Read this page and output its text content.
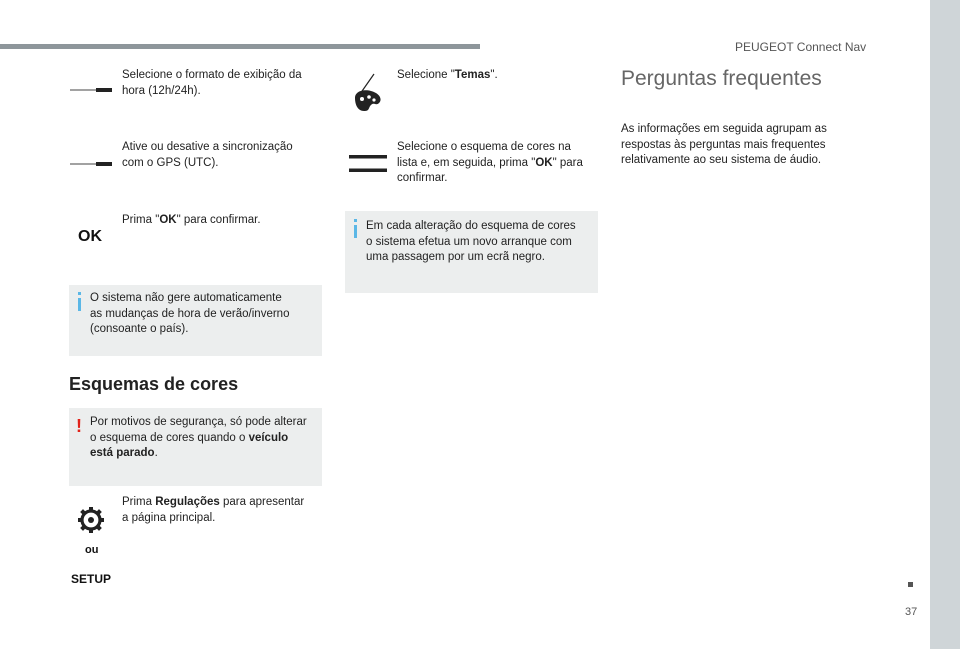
PEUGEOT Connect Nav
Selecione o formato de exibição da
hora (12h/24h).
Ative ou desative a sincronização
com o GPS (UTC).
OK
Prima "OK" para confirmar.
O sistema não gere automaticamente
as mudanças de hora de verão/inverno
(consoante o país).
Esquemas de cores
! Por motivos de segurança, só pode alterar
o esquema de cores quando o veículo
está parado.
ou
SETUP
Prima Regulações para apresentar
a página principal.
Selecione "Temas".
Selecione o esquema de cores na
lista e, em seguida, prima "OK" para
confirmar.
Em cada alteração do esquema de cores
o sistema efetua um novo arranque com
uma passagem por um ecrã negro.
Perguntas frequentes
As informações em seguida agrupam as
respostas às perguntas mais frequentes
relativamente ao seu sistema de áudio.
37
